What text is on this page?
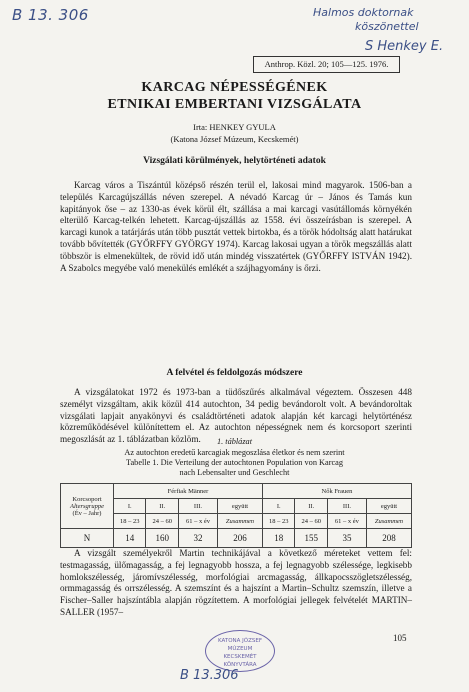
B 13. 306	Halmos doktornak
köszönettel
S Henkey E.
Anthrop. Közl. 20; 105—125. 1976.
KARCAG NÉPESSÉGÉNEK
ETNIKAI EMBERTANI VIZSGÁLATA
Irta: HENKEY GYULA
(Katona József Múzeum, Kecskemét)
Vizsgálati körülmények, helytörténeti adatok

Karcag város a Tiszántúl középső részén terül el, lakosai mind magyarok. 1506-ban a település Karcagújszállás néven szerepel. A névadó Karcag úr – János és Tamás kun kapitányok őse – az 1330-as évek körül élt, szállása a mai karcagi vasútállomás környékén elterülő Karcag-telkén lehetett. Karcag-újszállás az 1558. évi összeírásban is szerepel. A karcagi kunok a tatárjárás után több pusztát vettek birtokba, és a török hódoltság alatt határukat tovább bővítették (GYŐRFFY GYÖRGY 1974). Karcag lakosai ugyan a török megszállás alatt többször is elmenekültek, de rövid idő után mindég visszatértek (GYŐRFFY ISTVÁN 1942). A Szabolcs megyébe való menekülés emlékét a szájhagyomány is őrzi.

A felvétel és feldolgozás módszere

A vizsgálatokat 1972 és 1973-ban a tüdőszűrés alkalmával végeztem. Összesen 448 személyt vizsgáltam, akik közül 414 autochton, 34 pedig bevándorolt volt. A bevándoroltak vizsgálati lapjait anyakönyvi és családtörténeti adatok alapján két karcagi helytörténész közreműködésével különítettem el. Az autochton népességnek nem és korcsoport szerinti megoszlását az 1. táblázatban közlöm.	1. táblázat
Az autochton eredetű karcagiak megoszlása életkor és nem szerint
Tabelle 1. Die Verteilung der autochtonen Population von Karcag
nach Lebensalter und Geschlecht
Korcsoport
Altersgruppe
(Év – Jahr)	Férfiak Männer				Nők Frauen			
	I.	II.	III.	együtt	I.	II.	III.	együtt
	18 – 23	24 – 60	61 – x év	Zusammen	18 – 23	24 – 60	61 – x év	Zusammen
N	14	160	32	206	18	155	35	208

A vizsgált személyekről Martin technikájával a következő méreteket vettem fel: testmagasság, ülőmagasság, a fej legnagyobb hossza, a fej legnagyobb szélessége, legkisebb homlokszélesség, járomívszélesség, morfológiai arcmagasság, állkapocsszögletszélesség, ormmagasság és orrszélesség. A szemszínt és a hajszínt a Martin–Schultz szemszín, illetve a Fischer–Saller hajszíntábla alapján rögzítettem. A morfológiai jellegek felvételét MARTIN–SALLER (1957–

105
KATONA JÓZSEF MÚZEUM
KECSKEMÉT
KÖNYVTÁRA
B 13.306
